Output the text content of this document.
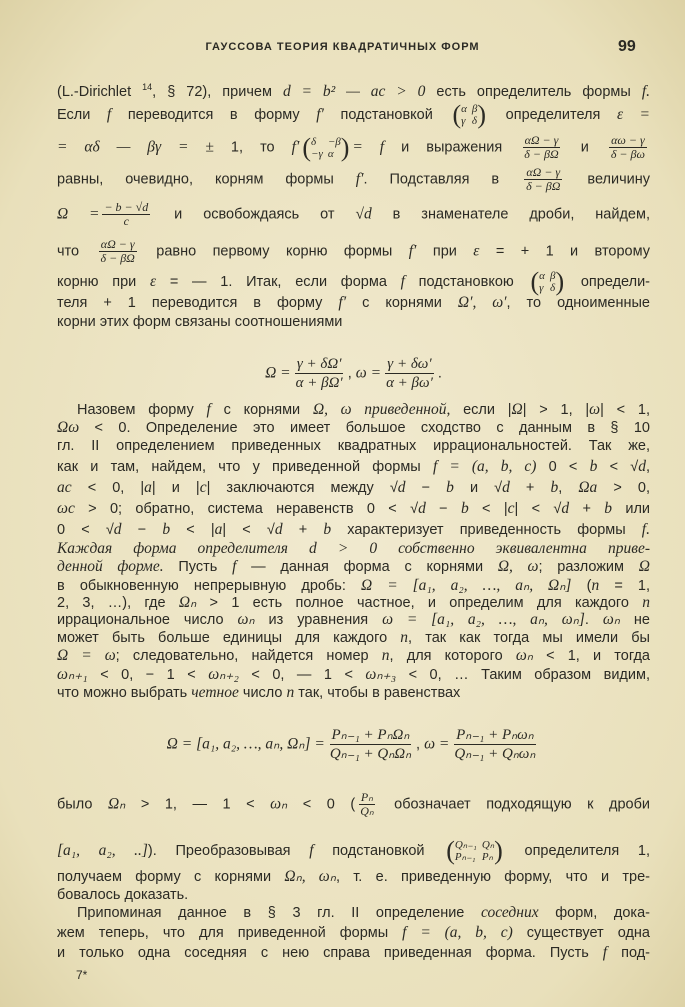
ГАУССОВА ТЕОРИЯ КВАДРАТИЧНЫХ ФОРМ	99
(L.-Dirichlet $^{14}$, § 72), причем d = b² — ac > 0 есть определитель формы f.
Если f переводится в форму f′ подстановкой ( α β
γ δ ) определителя ε =
= αδ — βγ = ± 1, то f′ ( δ	−β
−γ α ) = f и выражения $\frac{\alpha\Omega - \gamma}{\delta - \beta\Omega}$ и $\frac{\alpha\omega - \gamma}{\delta - \beta\omega}$
равны, очевидно, корням формы f′. Подставляя в $\frac{\alpha\Omega - \gamma}{\delta - \beta\Omega}$ величину
$\Omega = \frac{- b - √d}{c}$ и освобождаясь от √d в знаменателе дроби, найдем,
что $\frac{\alpha\Omega - \gamma}{\delta - \beta\Omega}$ равно первому корню формы f′ при ε = + 1 и второму
корню при ε = — 1. Итак, если форма f подстановкою ( α β
γ δ ) определи-
теля + 1 переводится в форму f′ с корнями Ω′, ω′, то одноименные
корни этих форм связаны соотношениями
$\Omega = \frac{\gamma + \delta\Omega'}{\alpha + \beta\Omega'}$ , $\omega = \frac{\gamma + \delta\omega'}{\alpha + \beta\omega'}$ .
Назовем форму f с корнями Ω, ω приведенной, если |Ω| > 1, |ω| < 1,
Ωω < 0. Определение это имеет большое сходство с данным в § 10
гл. II определением приведенных квадратных иррациональностей. Так же,
как и там, найдем, что у приведенной формы f = (a, b, c) 0 < b < √d,
ac < 0, |a| и |c| заключаются между √d − b и √d + b, Ωa > 0,
ωc > 0; обратно, система неравенств 0 < √d − b < |c| < √d + b или
0 < √d − b < |a| < √d + b характеризует приведенность формы f.
Каждая форма определителя d > 0 собственно эквивалентна приве-
денной форме. Пусть f — данная форма с корнями Ω, ω; разложим Ω
в обыкновенную непрерывную дробь: Ω = [a₁, a₂, …, aₙ, Ωₙ] (n = 1,
2, 3, …), где Ωₙ > 1 есть полное частное, и определим для каждого n
иррациональное число ωₙ из уравнения ω = [a₁, a₂, …, aₙ, ωₙ]. ωₙ не
может быть больше единицы для каждого n, так как тогда мы имели бы
Ω = ω; следовательно, найдется номер n, для которого ωₙ < 1, и тогда
ωₙ₊₁ < 0, − 1 < ωₙ₊₂ < 0, — 1 < ωₙ₊₃ < 0, … Таким образом видим,
что можно выбрать четное число n так, чтобы в равенствах
Ω = [a₁, a₂, …, aₙ, $\Omega_n] = \frac{\text{Pₙ₋₁ + PₙΩₙ}}{\text{Qₙ₋₁ + QₙΩₙ}}$ , $\omega = \frac{\text{Pₙ₋₁ + Pₙωₙ}}{\text{Qₙ₋₁ + Qₙωₙ}}$
было Ωₙ > 1, — 1 < ωₙ < 0 ( $\frac{\text{Pₙ}}{\text{Qₙ}}$ обозначает подходящую к дроби
[a₁, a₂, ..]). Преобразовывая f подстановкой ( Qₙ₋₁ Qₙ
Pₙ₋₁ Pₙ ) определителя 1,
получаем форму с корнями Ωₙ, ωₙ, т. е. приведенную форму, что и тре-
бовалось доказать.
Припоминая данное в § 3 гл. II определение соседних форм, дока-
жем теперь, что для приведенной формы f = (a, b, c) существует одна
и только одна соседняя с нею справа приведенная форма. Пусть f под-
7*
